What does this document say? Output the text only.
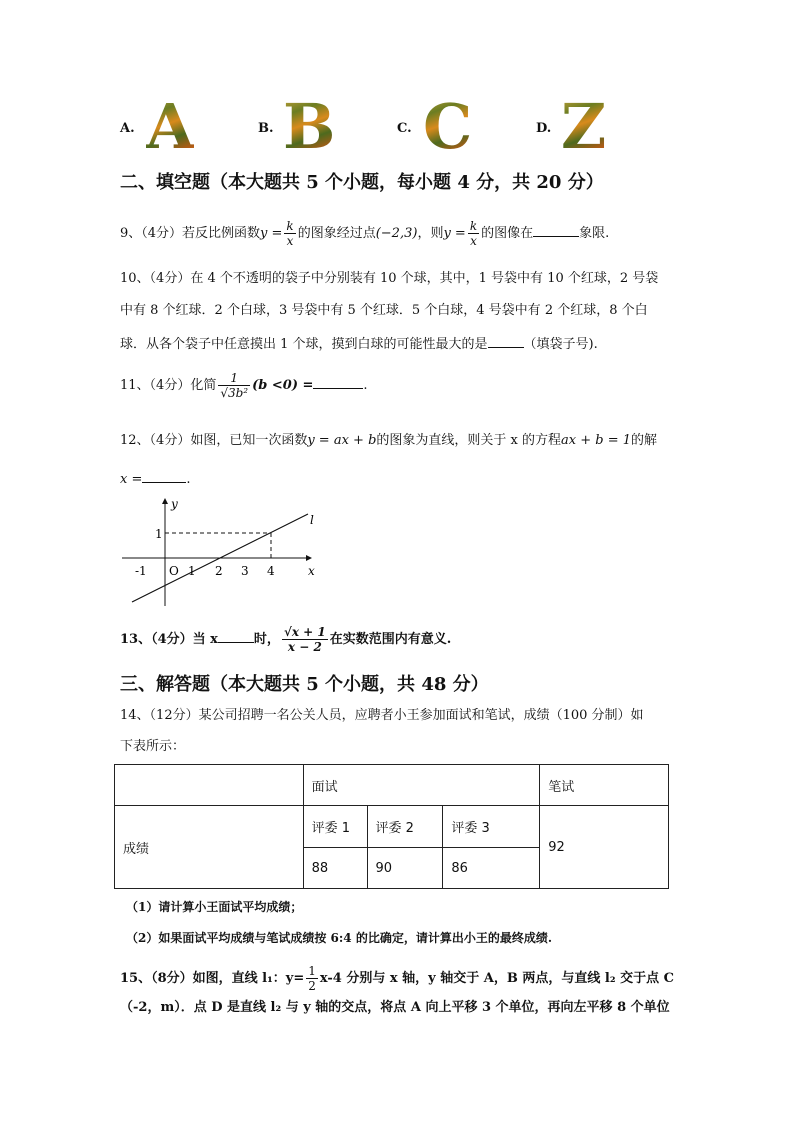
A. A	B. B	C. C	D. Z
二、填空题（本大题共 5 个小题，每小题 4 分，共 20 分）
9、（4分）若反比例函数$y = \frac{k}{x}$ 的图象经过点(−2,3)，则$y = \frac{k}{x}$ 的图像在	象限.
10、（4分）在 4 个不透明的袋子中分别装有 10 个球，其中，1 号袋中有 10 个红球，2 号袋
中有 8 个红球．2 个白球，3 号袋中有 5 个红球．5 个白球，4 号袋中有 2 个红球，8 个白
球．从各个袋子中任意摸出 1 个球，摸到白球的可能性最大的是	（填袋子号).
11、（4分）化简 $\frac{1}{\text{√3b²}} (b <0)$ =	.
12、（4分）如图，已知一次函数y = ax + b的图象为直线，则关于 x 的方程ax + b = 1的解
x =	.
y
x
l
O
1
-1	1 2 3 4
13、（4分）当 x	时， $\frac{√x + 1}{x - 2}$ 在实数范围内有意义.
三、解答题（本大题共 5 个小题，共 48 分）
14、（12分）某公司招聘一名公关人员，应聘者小王参加面试和笔试，成绩（100 分制）如
下表所示：
	面试			笔试
成绩	评委 1	评委 2	评委 3	92
	88	90	86	
（1）请计算小王面试平均成绩；
（2）如果面试平均成绩与笔试成绩按 6:4 的比确定，请计算出小王的最终成绩.
15、（8分）如图，直线 l₁：$y= \frac{1}{2} x-4$ 分别与 x 轴，y 轴交于 A，B 两点，与直线 l₂ 交于点 C
（-2，m）．点 D 是直线 l₂ 与 y 轴的交点，将点 A 向上平移 3 个单位，再向左平移 8 个单位
